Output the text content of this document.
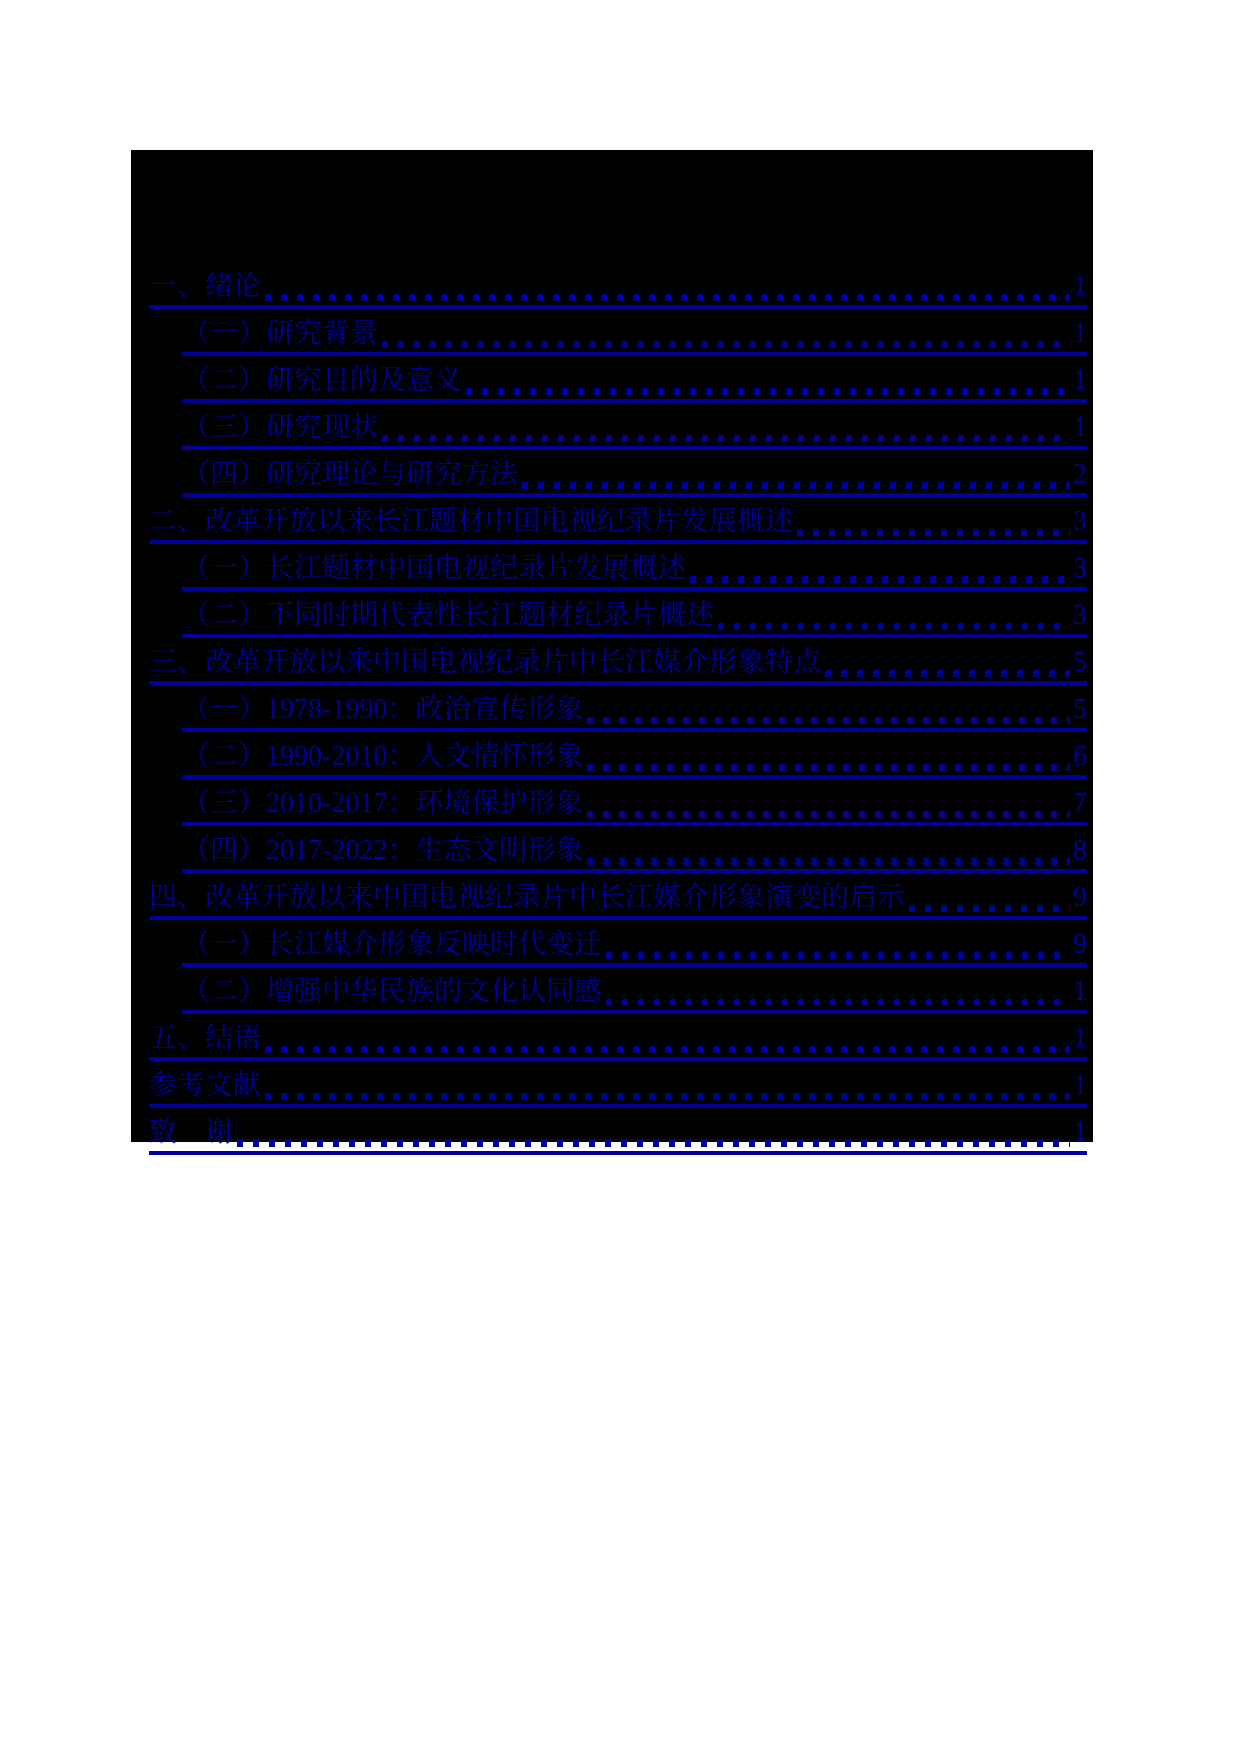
一、绪论	1
（一）研究背景	1
（二）研究目的及意义	1
（三）研究现状	1
（四）研究理论与研究方法	2
二、改革开放以来长江题材中国电视纪录片发展概述	3
（一）长江题材中国电视纪录片发展概述	3
（二）不同时期代表性长江题材纪录片概述	3
三、改革开放以来中国电视纪录片中长江媒介形象特点	5
（一）1978-1990：政治宣传形象	5
（二）1990-2010：人文情怀形象	6
（三）2010-2017：环境保护形象	7
（四）2017-2022：生态文明形象	8
四、改革开放以来中国电视纪录片中长江媒介形象演变的启示	9
（一）长江媒介形象反映时代变迁	9
（二）增强中华民族的文化认同感	1
五、结语	1
参考文献	1
致　谢	1
